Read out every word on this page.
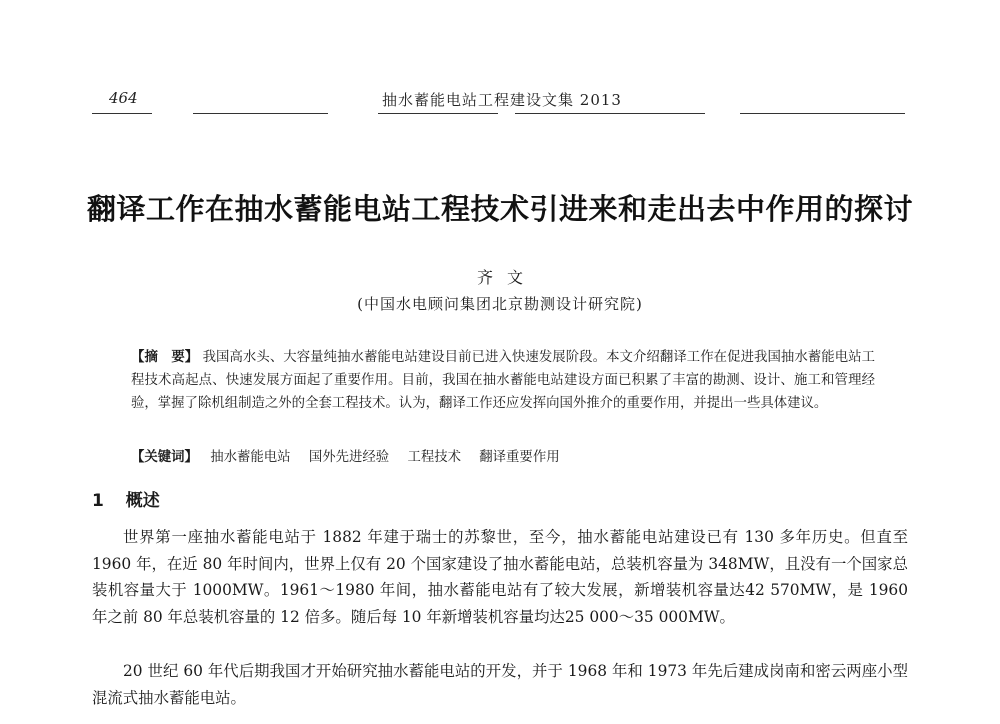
464	抽水蓄能电站工程建设文集 2013
翻译工作在抽水蓄能电站工程技术引进来和走出去中作用的探讨
齐文
(中国水电顾问集团北京勘测设计研究院)
【摘　要】 我国高水头、大容量纯抽水蓄能电站建设目前已进入快速发展阶段。本文介绍翻译工作在促进我国抽水蓄能电站工程技术高起点、快速发展方面起了重要作用。目前，我国在抽水蓄能电站建设方面已积累了丰富的勘测、设计、施工和管理经验，掌握了除机组制造之外的全套工程技术。认为，翻译工作还应发挥向国外推介的重要作用，并提出一些具体建议。
【关键词】 抽水蓄能电站 国外先进经验 工程技术 翻译重要作用
1 概述

世界第一座抽水蓄能电站于 1882 年建于瑞士的苏黎世，至今，抽水蓄能电站建设已有 130 多年历史。但直至 1960 年，在近 80 年时间内，世界上仅有 20 个国家建设了抽水蓄能电站，总装机容量为 348MW，且没有一个国家总装机容量大于 1000MW。1961～1980 年间，抽水蓄能电站有了较大发展，新增装机容量达42 570MW，是 1960 年之前 80 年总装机容量的 12 倍多。随后每 10 年新增装机容量均达25 000～35 000MW。

20 世纪 60 年代后期我国才开始研究抽水蓄能电站的开发，并于 1968 年和 1973 年先后建成岗南和密云两座小型混流式抽水蓄能电站。
